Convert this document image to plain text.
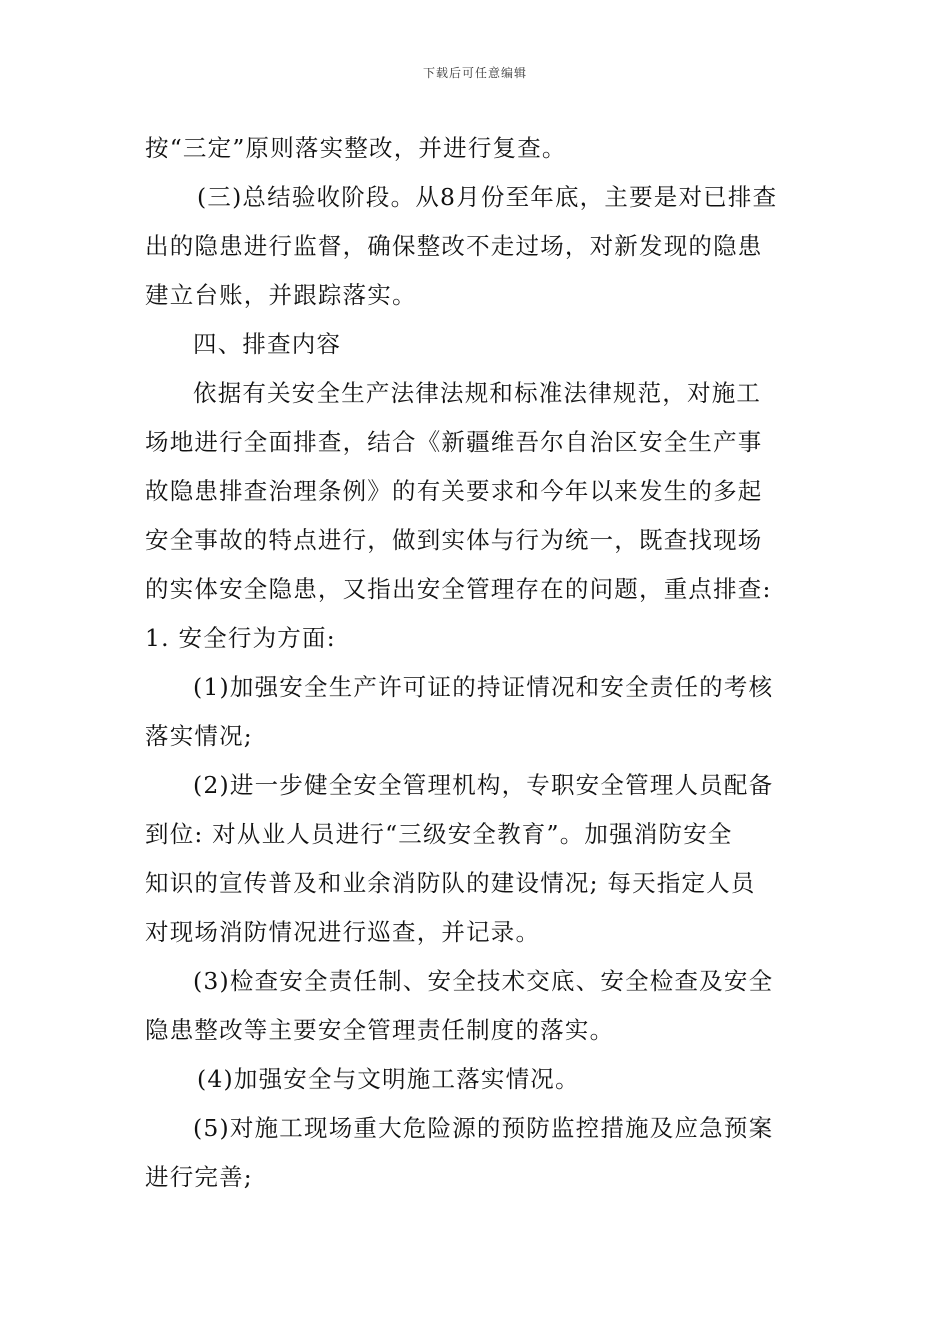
下载后可任意编辑
按“三定”原则落实整改，并进行复查。
(三)总结验收阶段。从8月份至年底，主要是对已排查
出的隐患进行监督，确保整改不走过场，对新发现的隐患
建立台账，并跟踪落实。
四、排查内容
依据有关安全生产法律法规和标准法律规范，对施工
场地进行全面排查，结合《新疆维吾尔自治区安全生产事
故隐患排查治理条例》的有关要求和今年以来发生的多起
安全事故的特点进行，做到实体与行为统一，既查找现场
的实体安全隐患，又指出安全管理存在的问题，重点排查:
1. 安全行为方面:
(1)加强安全生产许可证的持证情况和安全责任的考核
落实情况;
(2)进一步健全安全管理机构，专职安全管理人员配备
到位: 对从业人员进行“三级安全教育”。加强消防安全
知识的宣传普及和业余消防队的建设情况; 每天指定人员
对现场消防情况进行巡查，并记录。
(3)检查安全责任制、安全技术交底、安全检查及安全
隐患整改等主要安全管理责任制度的落实。
(4)加强安全与文明施工落实情况。
(5)对施工现场重大危险源的预防监控措施及应急预案
进行完善;
